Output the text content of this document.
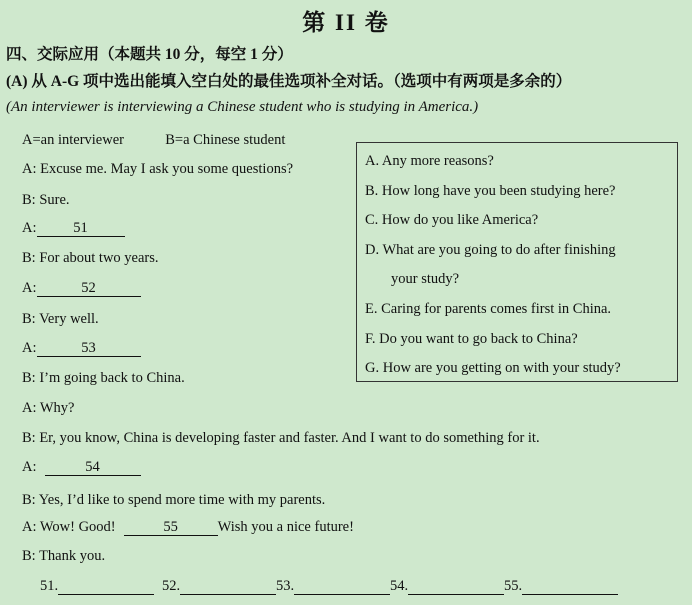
第 II 卷
四、交际应用（本题共 10 分，每空 1 分）
(A) 从 A-G 项中选出能填入空白处的最佳选项补全对话。（选项中有两项是多余的）
(An interviewer is interviewing a Chinese student who is studying in America.)
A=an interviewer	B=a Chinese student
A: Excuse me. May I ask you some questions?
B: Sure.
A:	51
B: For about two years.
A:	52
B: Very well.
A:	53
B: I’m going back to China.
A: Why?
B: Er, you know, China is developing faster and faster. And I want to do something for it.
A:	54
B: Yes, I’d like to spend more time with my parents.
A: Wow! Good!	55	Wish you a nice future!
B: Thank you.
A. Any more reasons?
B. How long have you been studying here?
C. How do you like America?
D. What are you going to do after finishing
your study?
E. Caring for parents comes first in China.
F. Do you want to go back to China?
G. How are you getting on with your study?
51.	52.	53.	54.	55.
